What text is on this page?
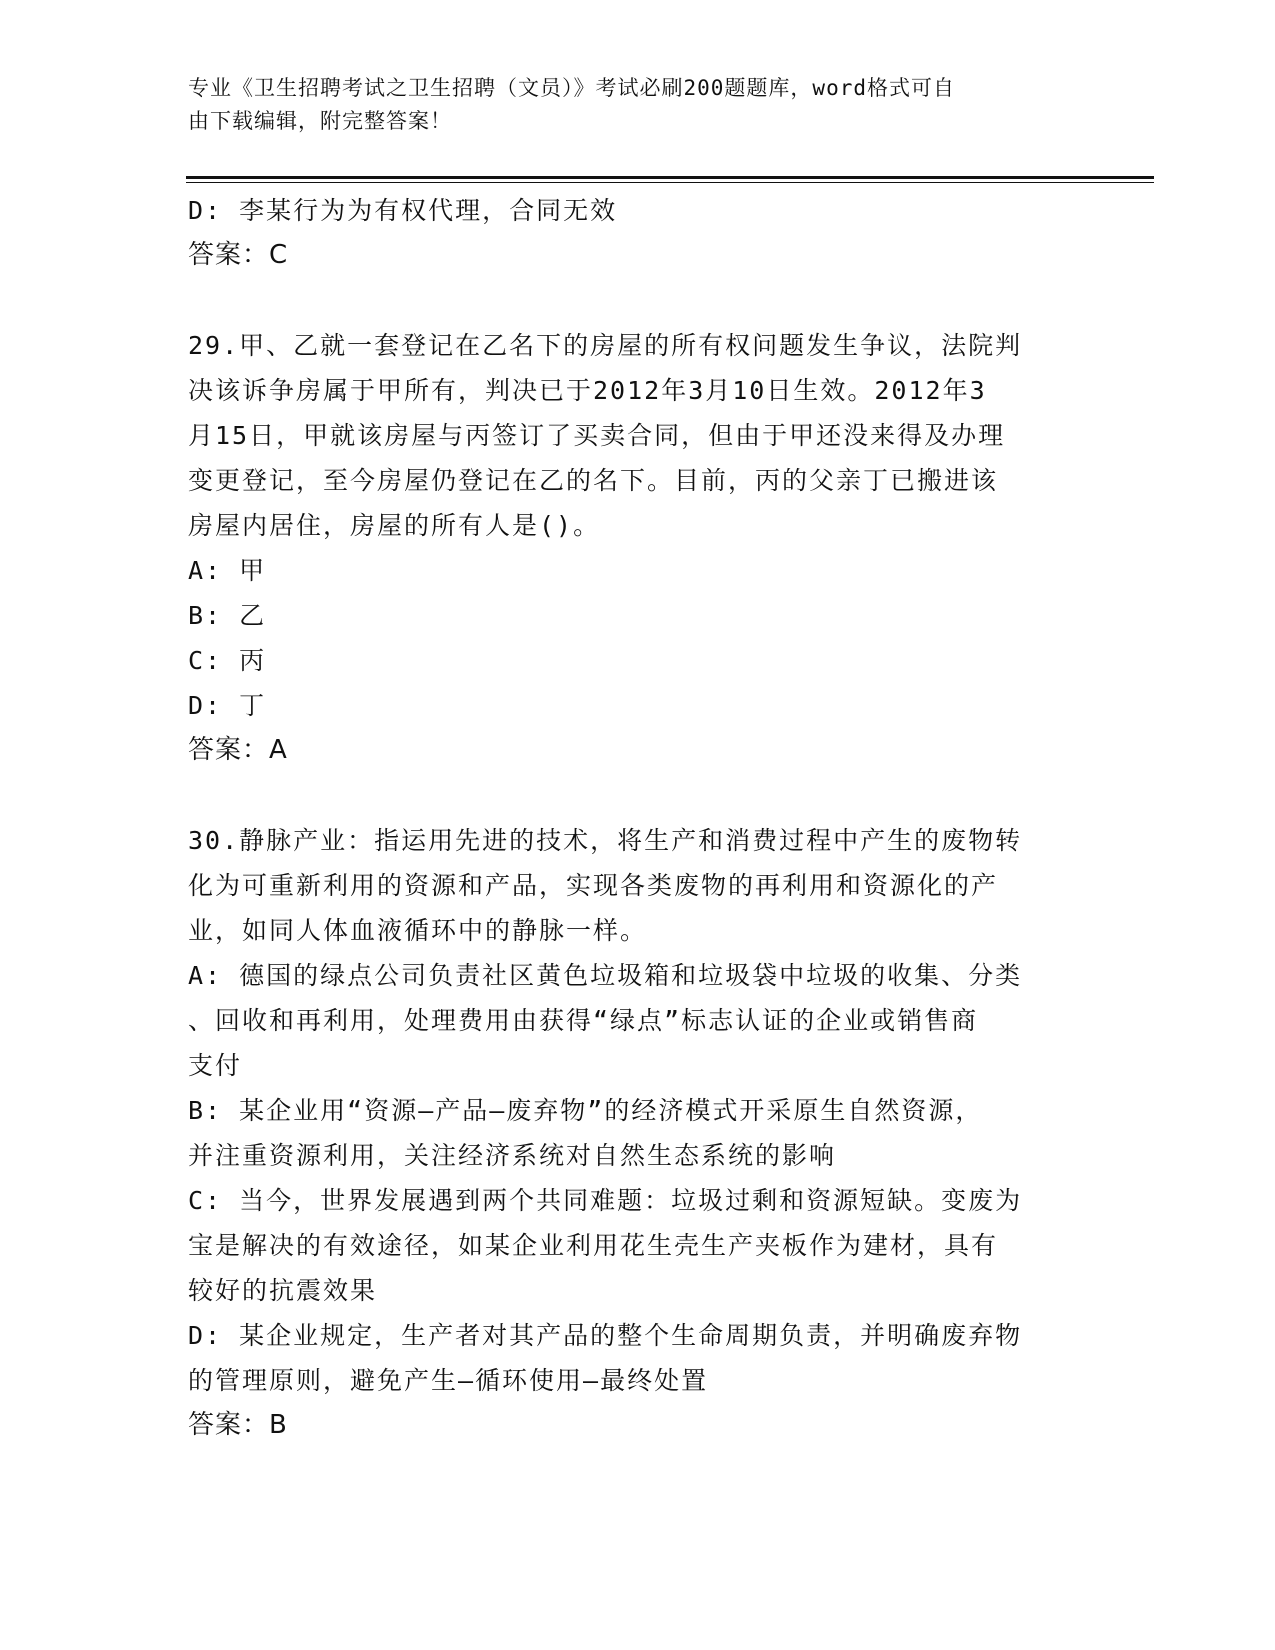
专业《卫生招聘考试之卫生招聘（文员）》考试必刷200题题库，word格式可自

由下载编辑，附完整答案！

D: 李某行为为有权代理，合同无效

答案：C

29.甲、乙就一套登记在乙名下的房屋的所有权问题发生争议，法院判

决该诉争房属于甲所有，判决已于2012年3月10日生效。2012年3

月15日，甲就该房屋与丙签订了买卖合同，但由于甲还没来得及办理

变更登记，至今房屋仍登记在乙的名下。目前，丙的父亲丁已搬进该

房屋内居住，房屋的所有人是()。

A: 甲

B: 乙

C: 丙

D: 丁

答案：A

30.静脉产业：指运用先进的技术，将生产和消费过程中产生的废物转

化为可重新利用的资源和产品，实现各类废物的再利用和资源化的产

业，如同人体血液循环中的静脉一样。

A: 德国的绿点公司负责社区黄色垃圾箱和垃圾袋中垃圾的收集、分类

、回收和再利用，处理费用由获得“绿点”标志认证的企业或销售商

支付

B: 某企业用“资源—产品—废弃物”的经济模式开采原生自然资源，

并注重资源利用，关注经济系统对自然生态系统的影响

C: 当今，世界发展遇到两个共同难题：垃圾过剩和资源短缺。变废为

宝是解决的有效途径，如某企业利用花生壳生产夹板作为建材，具有

较好的抗震效果

D: 某企业规定，生产者对其产品的整个生命周期负责，并明确废弃物

的管理原则，避免产生—循环使用—最终处置

答案：B
